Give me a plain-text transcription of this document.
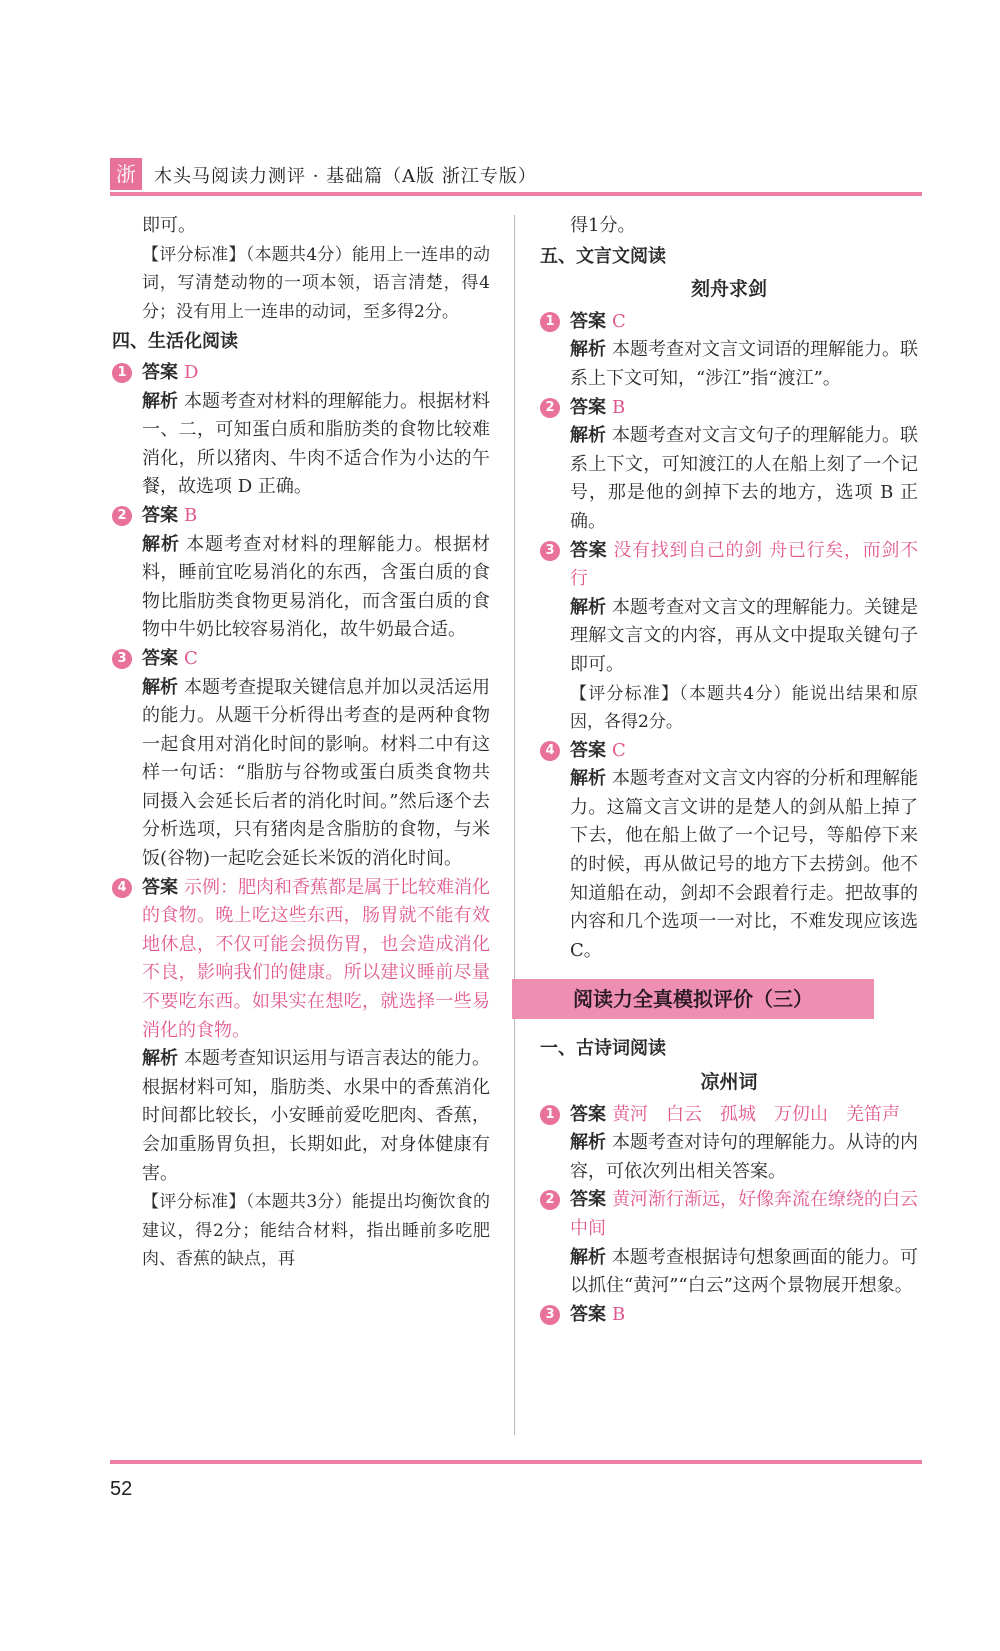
浙	木头马阅读力测评 · 基础篇（A版 浙江专版）

即可。

【评分标准】（本题共4分）能用上一连串的动词，写清楚动物的一项本领，语言清楚，得4分；没有用上一连串的动词，至多得2分。

四、生活化阅读
1 答案 D

解析 本题考查对材料的理解能力。根据材料一、二，可知蛋白质和脂肪类的食物比较难消化，所以猪肉、牛肉不适合作为小达的午餐，故选项 D 正确。

2 答案 B

解析 本题考查对材料的理解能力。根据材料，睡前宜吃易消化的东西，含蛋白质的食物比脂肪类食物更易消化，而含蛋白质的食物中牛奶比较容易消化，故牛奶最合适。

3 答案 C

解析 本题考查提取关键信息并加以灵活运用的能力。从题干分析得出考查的是两种食物一起食用对消化时间的影响。材料二中有这样一句话：“脂肪与谷物或蛋白质类食物共同摄入会延长后者的消化时间。”然后逐个去分析选项，只有猪肉是含脂肪的食物，与米饭(谷物)一起吃会延长米饭的消化时间。

4 答案 示例：肥肉和香蕉都是属于比较难消化的食物。晚上吃这些东西，肠胃就不能有效地休息，不仅可能会损伤胃，也会造成消化不良，影响我们的健康。所以建议睡前尽量不要吃东西。如果实在想吃，就选择一些易消化的食物。

解析 本题考查知识运用与语言表达的能力。根据材料可知，脂肪类、水果中的香蕉消化时间都比较长，小安睡前爱吃肥肉、香蕉，会加重肠胃负担，长期如此，对身体健康有害。

【评分标准】（本题共3分）能提出均衡饮食的建议，得2分；能结合材料，指出睡前多吃肥肉、香蕉的缺点，再

得1分。

五、文言文阅读
刻舟求剑
1 答案 C

解析 本题考查对文言文词语的理解能力。联系上下文可知，“涉江”指“渡江”。

2 答案 B

解析 本题考查对文言文句子的理解能力。联系上下文，可知渡江的人在船上刻了一个记号，那是他的剑掉下去的地方，选项 B 正确。

3 答案 没有找到自己的剑 舟已行矣，而剑不行

解析 本题考查对文言文的理解能力。关键是理解文言文的内容，再从文中提取关键句子即可。

【评分标准】（本题共4分）能说出结果和原因，各得2分。

4 答案 C

解析 本题考查对文言文内容的分析和理解能力。这篇文言文讲的是楚人的剑从船上掉了下去，他在船上做了一个记号，等船停下来的时候，再从做记号的地方下去捞剑。他不知道船在动，剑却不会跟着行走。把故事的内容和几个选项一一对比，不难发现应该选 C。

阅读力全真模拟评价（三）
一、古诗词阅读
凉州词
1 答案 黄河　白云　孤城　万仞山　羌笛声

解析 本题考查对诗句的理解能力。从诗的内容，可依次列出相关答案。

2 答案 黄河渐行渐远，好像奔流在缭绕的白云中间

解析 本题考查根据诗句想象画面的能力。可以抓住“黄河”“白云”这两个景物展开想象。

3 答案 B

52
